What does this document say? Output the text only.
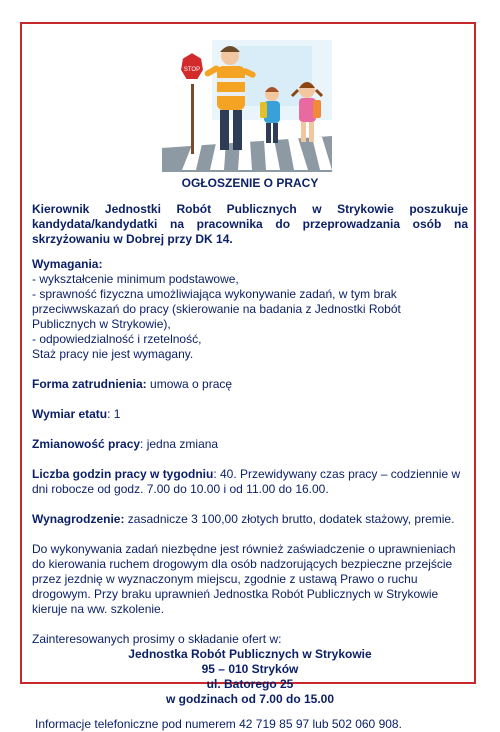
STOP

OGŁOSZENIE O PRACY

Kierownik Jednostki Robót Publicznych w Strykowie poszukuje kandydata/kandydatki na pracownika do przeprowadzania osób na skrzyżowaniu w Dobrej przy DK 14.

Wymagania:

- wykształcenie minimum podstawowe,

- sprawność fizyczna umożliwiająca wykonywanie zadań, w tym brak przeciwwskazań do pracy (skierowanie na badania z Jednostki Robót Publicznych w Strykowie),

- odpowiedzialność i rzetelność,

Staż pracy nie jest wymagany.

Forma zatrudnienia: umowa o pracę

Wymiar etatu: 1

Zmianowość pracy: jedna zmiana

Liczba godzin pracy w tygodniu: 40. Przewidywany czas pracy – codziennie w dni robocze od godz. 7.00 do 10.00 i od 11.00 do 16.00.

Wynagrodzenie: zasadnicze 3 100,00 złotych brutto, dodatek stażowy, premie.

Do wykonywania zadań niezbędne jest również zaświadczenie o uprawnieniach do kierowania ruchem drogowym dla osób nadzorujących bezpieczne przejście przez jezdnię w wyznaczonym miejscu, zgodnie z ustawą Prawo o ruchu drogowym. Przy braku uprawnień Jednostka Robót Publicznych w Strykowie kieruje na ww. szkolenie.

Zainteresowanych prosimy o składanie ofert w:

Jednostka Robót Publicznych w Strykowie

95 – 010 Stryków

ul. Batorego 25

w godzinach od 7.00 do 15.00

Informacje telefoniczne pod numerem 42 719 85 97 lub 502 060 908.
